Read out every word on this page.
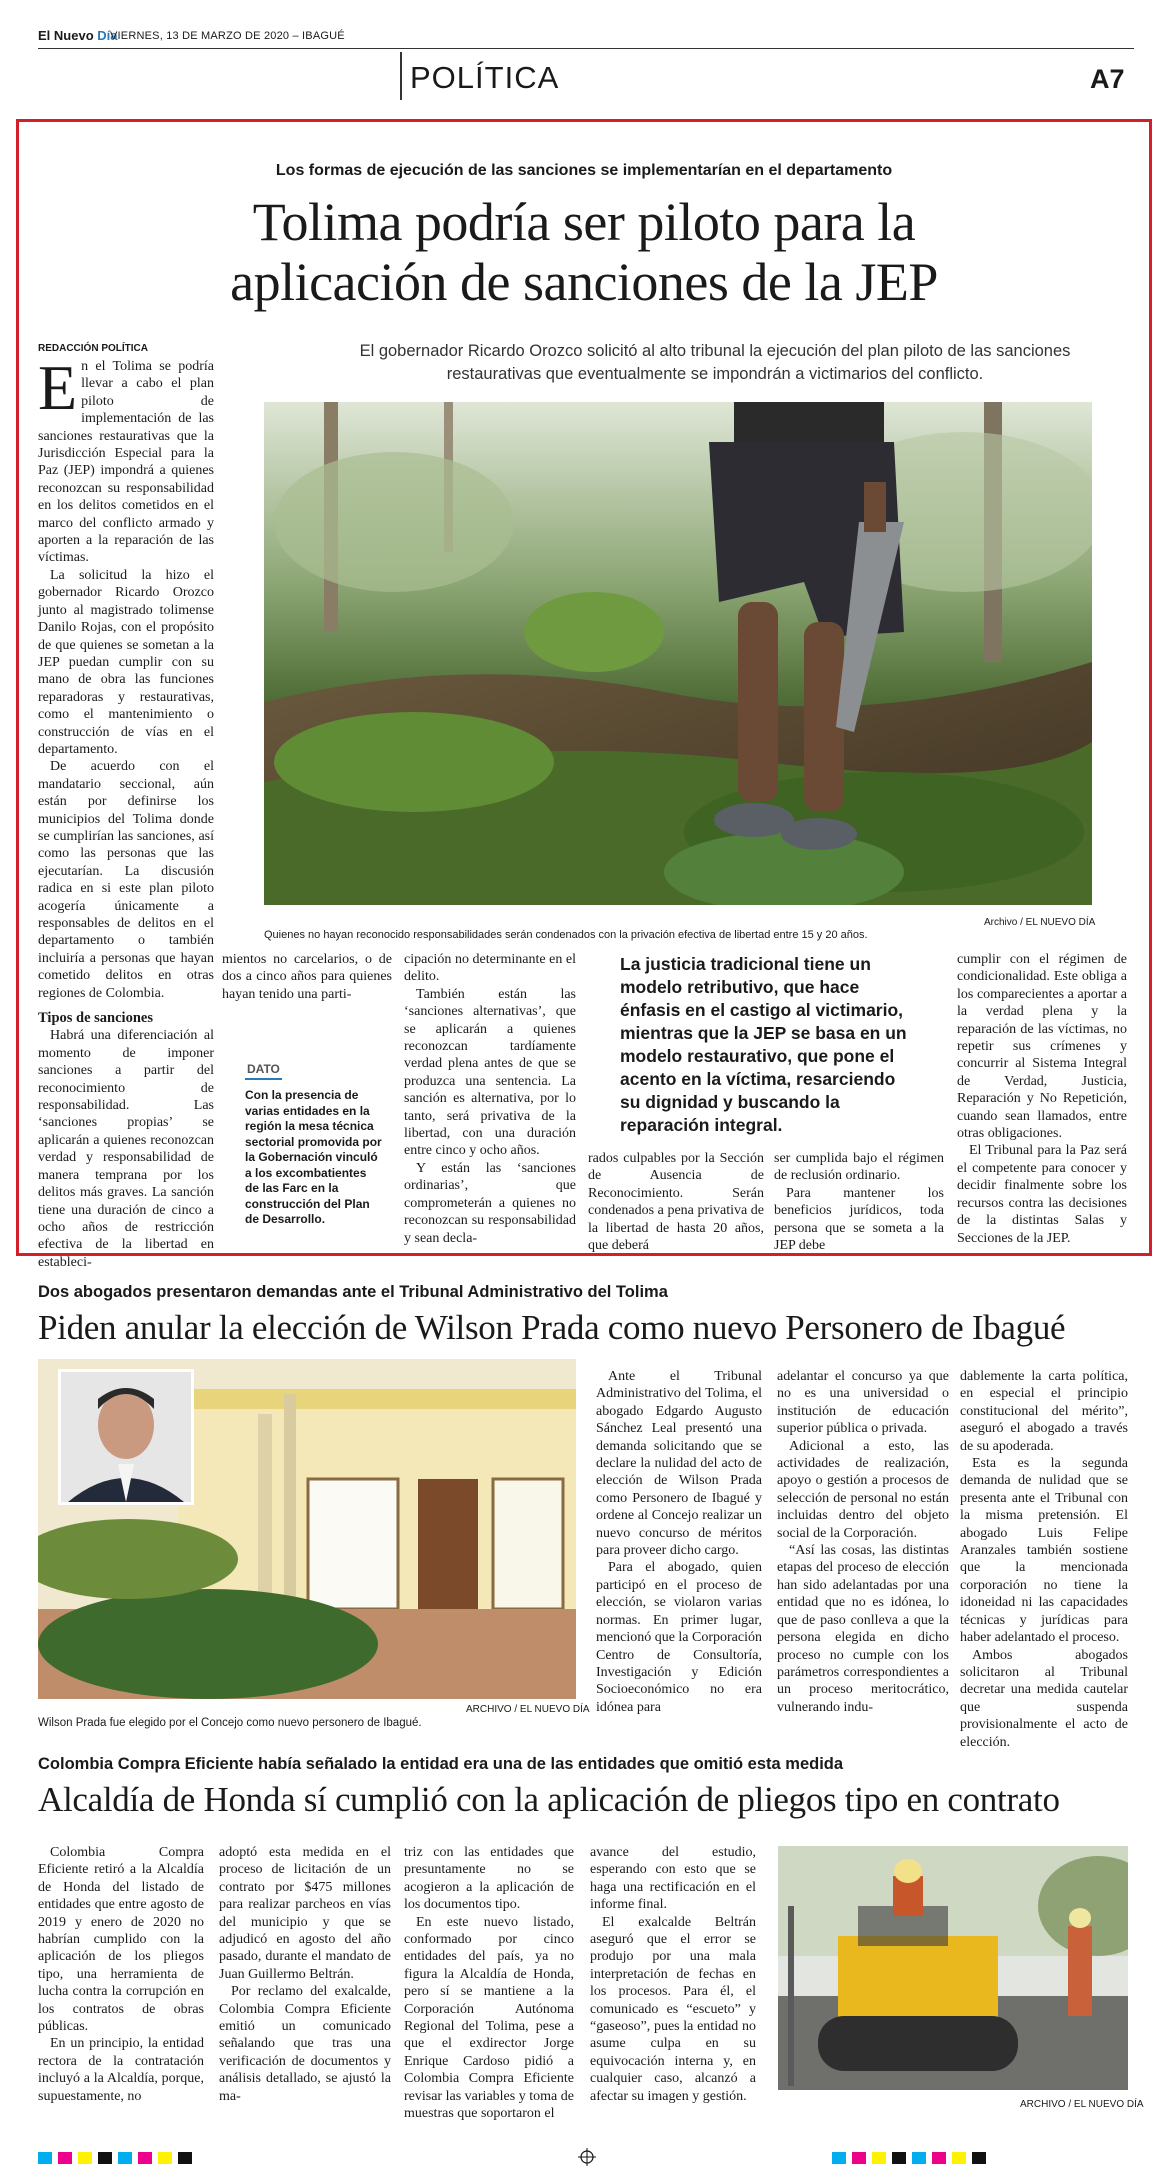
El Nuevo Día
VIERNES, 13 DE MARZO DE 2020 – IBAGUÉ
POLÍTICA	A7
Los formas de ejecución de las sanciones se implementarían en el departamento
Tolima podría ser piloto para la
aplicación de sanciones de la JEP
REDACCIÓN POLÍTICA	El gobernador Ricardo Orozco solicitó al alto tribunal la ejecución del plan piloto de las sanciones restaurativas que eventualmente se impondrán a victimarios del conflicto.
E n el Tolima se podría llevar a cabo el plan piloto de implementación de las sanciones restaurativas que la Jurisdicción Especial para la Paz (JEP) impondrá a quienes reconozcan su responsabilidad en los delitos cometidos en el marco del conflicto armado y aporten a la reparación de las víctimas.

La solicitud la hizo el gobernador Ricardo Orozco junto al magistrado tolimense Danilo Rojas, con el propósito de que quienes se sometan a la JEP puedan cumplir con su mano de obra las funciones reparadoras y restaurativas, como el mantenimiento o construcción de vías en el departamento.

De acuerdo con el mandatario seccional, aún están por definirse los municipios del Tolima donde se cumplirían las sanciones, así como las personas que las ejecutarían. La discusión radica en si este plan piloto acogería únicamente a responsables de delitos en el departamento o también incluiría a personas que hayan cometido delitos en otras regiones de Colombia.

Tipos de sanciones

Habrá una diferenciación al momento de imponer sanciones a partir del reconocimiento de responsabilidad. Las ‘sanciones propias’ se aplicarán a quienes reconozcan verdad y responsabilidad de manera temprana por los delitos más graves. La sanción tiene una duración de cinco a ocho años de restricción efectiva de la libertad en estableci-

Archivo / EL NUEVO DÍA
Quienes no hayan reconocido responsabilidades serán condenados con la privación efectiva de libertad entre 15 y 20 años.

mientos no carcelarios, o de dos a cinco años para quienes hayan tenido una parti-

DATO
Con la presencia de varias entidades en la región la mesa técnica sectorial promovida por la Gobernación vinculó a los excombatientes de las Farc en la construcción del Plan de Desarrollo.

cipación no determinante en el delito.

También están las ‘sanciones alternativas’, que se aplicarán a quienes reconozcan tardíamente verdad plena antes de que se produzca una sentencia. La sanción es alternativa, por lo tanto, será privativa de la libertad, con una duración entre cinco y ocho años.

Y están las ‘sanciones ordinarias’, que comprometerán a quienes no reconozcan su responsabilidad y sean decla-

La justicia tradicional tiene un modelo retributivo, que hace énfasis en el castigo al victimario, mientras que la JEP se basa en un modelo restaurativo, que pone el acento en la víctima, resarciendo su dignidad y buscando la reparación integral.

rados culpables por la Sección de Ausencia de Reconocimiento. Serán condenados a pena privativa de la libertad de hasta 20 años, que deberá

ser cumplida bajo el régimen de reclusión ordinario.

Para mantener los beneficios jurídicos, toda persona que se someta a la JEP debe

cumplir con el régimen de condicionalidad. Este obliga a los comparecientes a aportar a la verdad plena y la reparación de las víctimas, no repetir sus crímenes y concurrir al Sistema Integral de Verdad, Justicia, Reparación y No Repetición, cuando sean llamados, entre otras obligaciones.

El Tribunal para la Paz será el competente para conocer y decidir finalmente sobre los recursos contra las decisiones de la distintas Salas y Secciones de la JEP.

Dos abogados presentaron demandas ante el Tribunal Administrativo del Tolima
Piden anular la elección de Wilson Prada como nuevo Personero de Ibagué
ARCHIVO / EL NUEVO DÍA
Wilson Prada fue elegido por el Concejo como nuevo personero de Ibagué.

Ante el Tribunal Administrativo del Tolima, el abogado Edgardo Augusto Sánchez Leal presentó una demanda solicitando que se declare la nulidad del acto de elección de Wilson Prada como Personero de Ibagué y ordene al Concejo realizar un nuevo concurso de méritos para proveer dicho cargo.

Para el abogado, quien participó en el proceso de elección, se violaron varias normas. En primer lugar, mencionó que la Corporación Centro de Consultoría, Investigación y Edición Socioeconómico no era idónea para

adelantar el concurso ya que no es una universidad o institución de educación superior pública o privada.

Adicional a esto, las actividades de realización, apoyo o gestión a procesos de selección de personal no están incluidas dentro del objeto social de la Corporación.

“Así las cosas, las distintas etapas del proceso de elección han sido adelantadas por una entidad que no es idónea, lo que de paso conlleva a que la persona elegida en dicho proceso no cumple con los parámetros correspondientes a un proceso meritocrático, vulnerando indu-

dablemente la carta política, en especial el principio constitucional del mérito”, aseguró el abogado a través de su apoderada.

Esta es la segunda demanda de nulidad que se presenta ante el Tribunal con la misma pretensión. El abogado Luis Felipe Aranzales también sostiene que la mencionada corporación no tiene la idoneidad ni las capacidades técnicas y jurídicas para haber adelantado el proceso.

Ambos abogados solicitaron al Tribunal decretar una medida cautelar que suspenda provisionalmente el acto de elección.

Colombia Compra Eficiente había señalado la entidad era una de las entidades que omitió esta medida
Alcaldía de Honda sí cumplió con la aplicación de pliegos tipo en contrato

Colombia Compra Eficiente retiró a la Alcaldía de Honda del listado de entidades que entre agosto de 2019 y enero de 2020 no habrían cumplido con la aplicación de los pliegos tipo, una herramienta de lucha contra la corrupción en los contratos de obras públicas.

En un principio, la entidad rectora de la contratación incluyó a la Alcaldía, porque, supuestamente, no

adoptó esta medida en el proceso de licitación de un contrato por $475 millones para realizar parcheos en vías del municipio y que se adjudicó en agosto del año pasado, durante el mandato de Juan Guillermo Beltrán.

Por reclamo del exalcalde, Colombia Compra Eficiente emitió un comunicado señalando que tras una verificación de documentos y análisis detallado, se ajustó la ma-

triz con las entidades que presuntamente no se acogieron a la aplicación de los documentos tipo.

En este nuevo listado, conformado por cinco entidades del país, ya no figura la Alcaldía de Honda, pero sí se mantiene a la Corporación Autónoma Regional del Tolima, pese a que el exdirector Jorge Enrique Cardoso pidió a Colombia Compra Eficiente revisar las variables y toma de muestras que soportaron el

avance del estudio, esperando con esto que se haga una rectificación en el informe final.

El exalcalde Beltrán aseguró que el error se produjo por una mala interpretación de fechas en los procesos. Para él, el comunicado es “escueto” y “gaseoso”, pues la entidad no asume culpa en su equivocación interna y, en cualquier caso, alcanzó a afectar su imagen y gestión.

ARCHIVO / EL NUEVO DÍA
